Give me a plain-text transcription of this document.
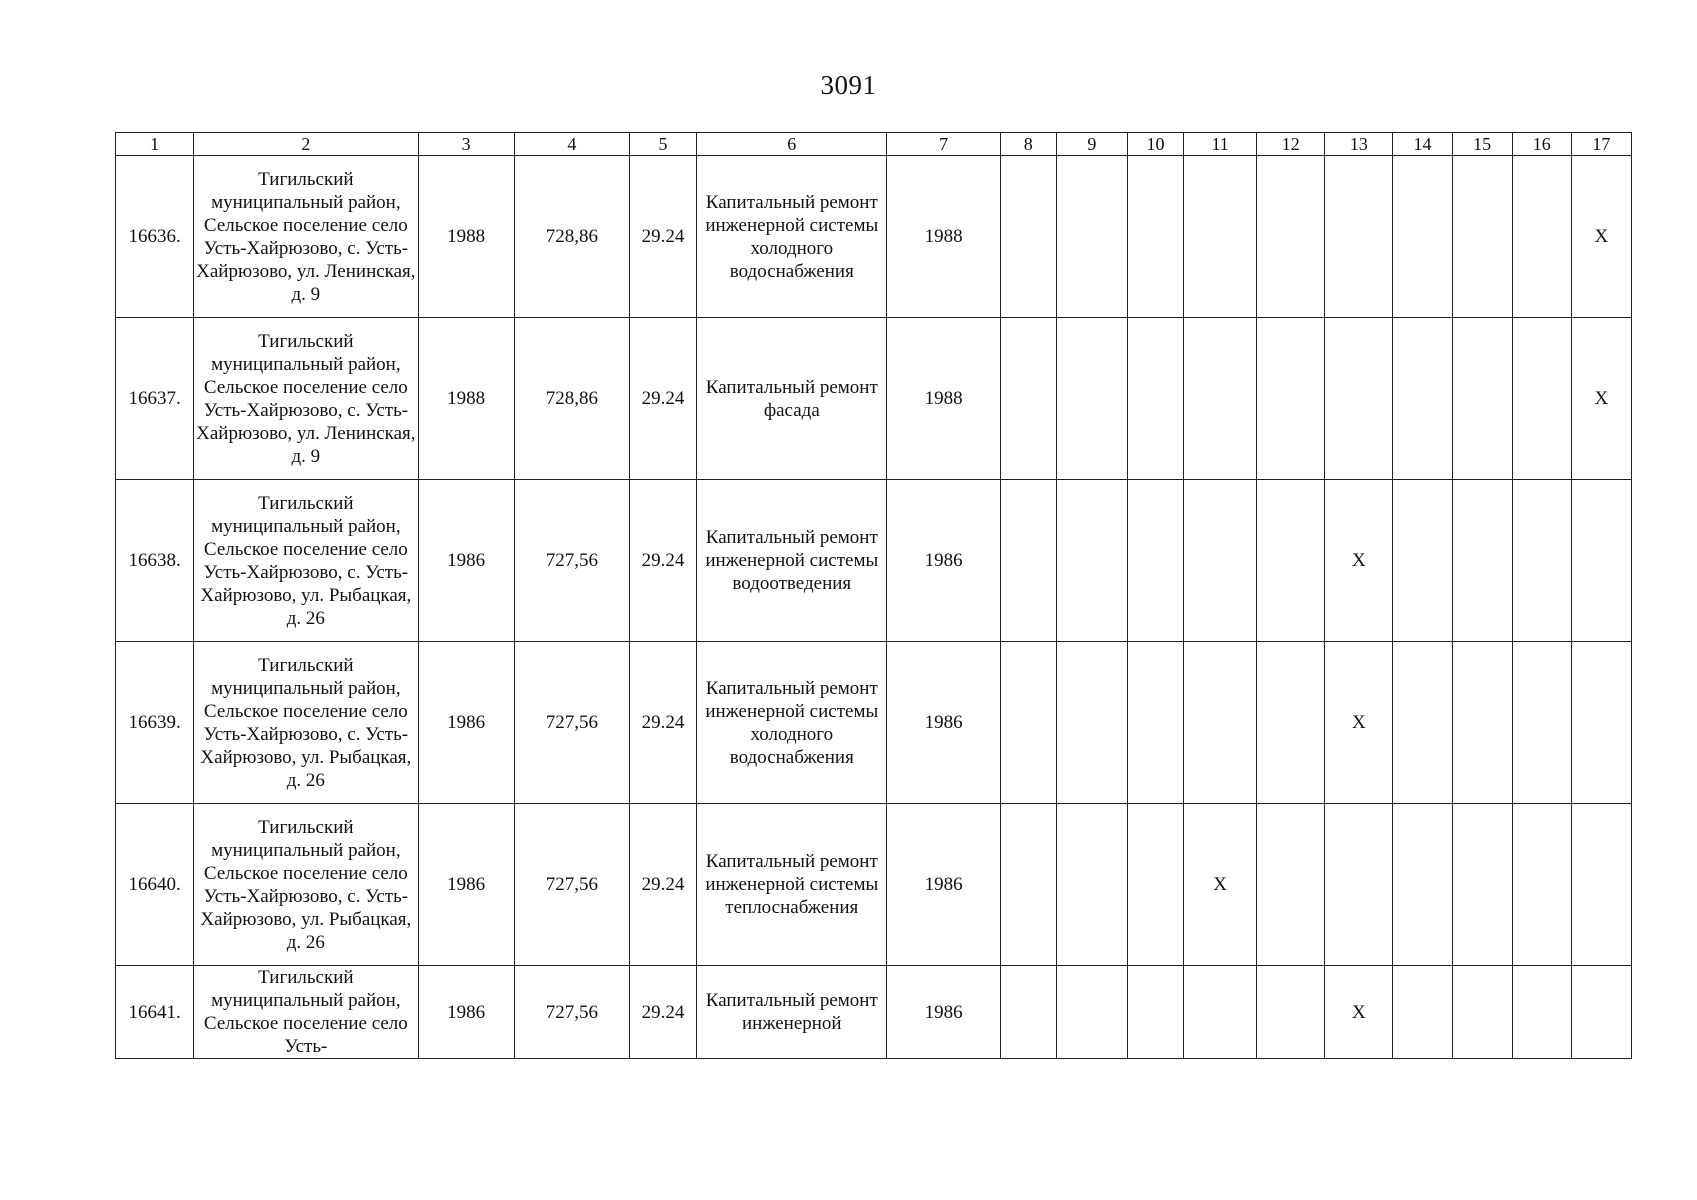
3091
1	2	3	4	5	6	7	8	9	10	11	12	13	14	15	16	17
16636.	Тигильский муниципальный район, Сельское поселение село Усть-Хайрюзово, с. Усть-Хайрюзово, ул. Ленинская, д. 9	1988	728,86	29.24	Капитальный ремонт инженерной системы холодного водоснабжения	1988										X
16637.	Тигильский муниципальный район, Сельское поселение село Усть-Хайрюзово, с. Усть-Хайрюзово, ул. Ленинская, д. 9	1988	728,86	29.24	Капитальный ремонт фасада	1988										X
16638.	Тигильский муниципальный район, Сельское поселение село Усть-Хайрюзово, с. Усть-Хайрюзово, ул. Рыбацкая, д. 26	1986	727,56	29.24	Капитальный ремонт инженерной системы водоотведения	1986						X				
16639.	Тигильский муниципальный район, Сельское поселение село Усть-Хайрюзово, с. Усть-Хайрюзово, ул. Рыбацкая, д. 26	1986	727,56	29.24	Капитальный ремонт инженерной системы холодного водоснабжения	1986						X				
16640.	Тигильский муниципальный район, Сельское поселение село Усть-Хайрюзово, с. Усть-Хайрюзово, ул. Рыбацкая, д. 26	1986	727,56	29.24	Капитальный ремонт инженерной системы теплоснабжения	1986				X						
16641.	Тигильский муниципальный район, Сельское поселение село Усть-	1986	727,56	29.24	Капитальный ремонт инженерной	1986						X				
